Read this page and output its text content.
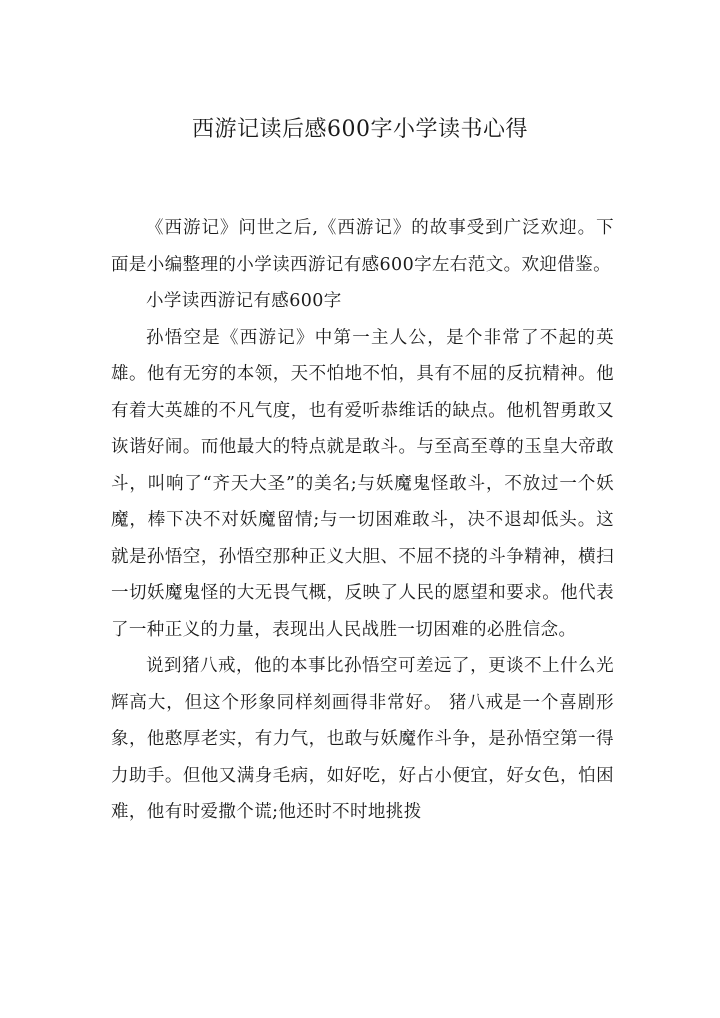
西游记读后感600字小学读书心得

《西游记》问世之后,《西游记》的故事受到广泛欢迎。下面是小编整理的小学读西游记有感600字左右范文。欢迎借鉴。

小学读西游记有感600字

孙悟空是《西游记》中第一主人公，是个非常了不起的英雄。他有无穷的本领，天不怕地不怕，具有不屈的反抗精神。他有着大英雄的不凡气度，也有爱听恭维话的缺点。他机智勇敢又诙谐好闹。而他最大的特点就是敢斗。与至高至尊的玉皇大帝敢斗，叫响了“齐天大圣”的美名;与妖魔鬼怪敢斗，不放过一个妖魔，棒下决不对妖魔留情;与一切困难敢斗，决不退却低头。这就是孙悟空，孙悟空那种正义大胆、不屈不挠的斗争精神，横扫一切妖魔鬼怪的大无畏气概，反映了人民的愿望和要求。他代表了一种正义的力量，表现出人民战胜一切困难的必胜信念。

说到猪八戒，他的本事比孙悟空可差远了，更谈不上什么光辉高大，但这个形象同样刻画得非常好。 猪八戒是一个喜剧形象，他憨厚老实，有力气，也敢与妖魔作斗争，是孙悟空第一得力助手。但他又满身毛病，如好吃，好占小便宜，好女色，怕困难，他有时爱撒个谎;他还时不时地挑拨
